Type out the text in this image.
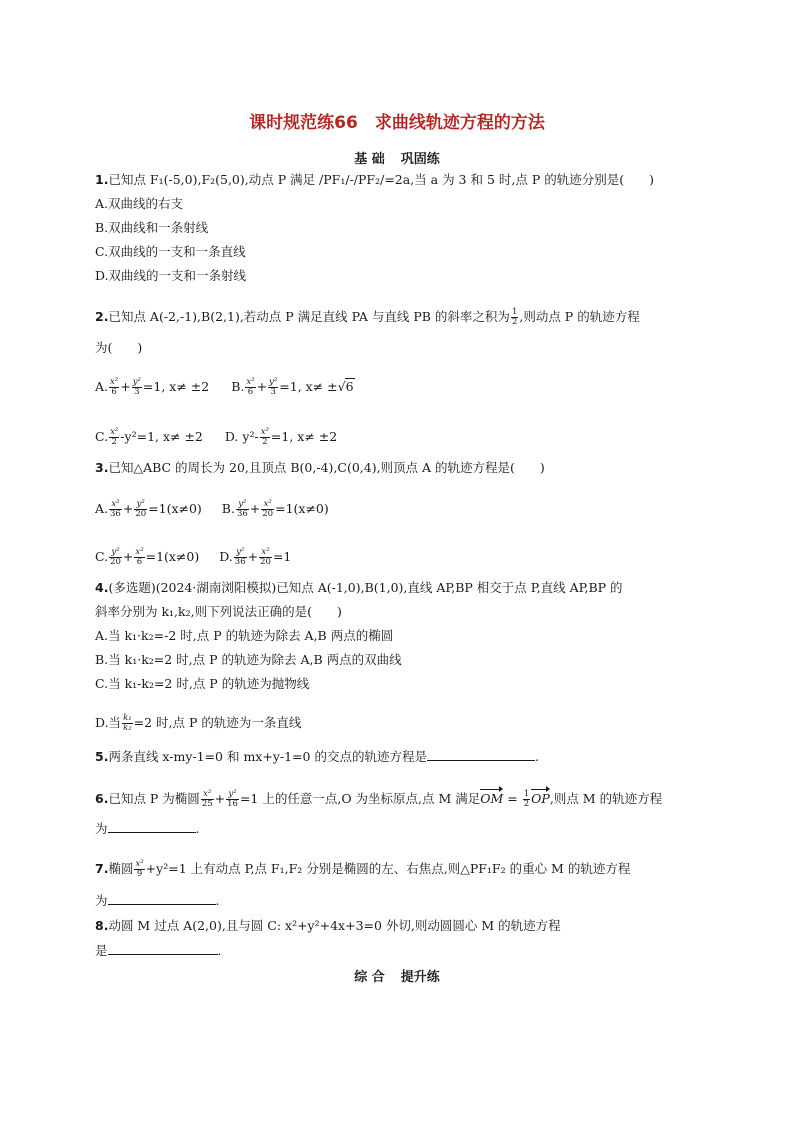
课时规范练66　求曲线轨迹方程的方法
基 础 巩固练
1.已知点 F₁(-5,0),F₂(5,0),动点 P 满足 /PF₁/-/PF₂/=2a,当 a 为 3 和 5 时,点 P 的轨迹分别是(　　)
A.双曲线的右支
B.双曲线和一条射线
C.双曲线的一支和一条直线
D.双曲线的一支和一条射线
2.已知点 A(-2,-1),B(2,1),若动点 P 满足直线 PA 与直线 PB 的斜率之积为 $\frac{1}{2}$ ,则动点 P 的轨迹方程
为(　　)
A. $\frac{\text{x²}}{6} + \frac{\text{y²}}{3} =1$, x≠ ±2 B. $\frac{\text{x²}}{6} + \frac{\text{y²}}{3} =1$, x≠ ±√6
C. $\frac{\text{x²}}{2} -y^2=1$, x≠ ±2 D. $y^2- \frac{\text{x²}}{2} =1$, x≠ ±2
3.已知△ABC 的周长为 20,且顶点 B(0,-4),C(0,4),则顶点 A 的轨迹方程是(　　)
A. $\frac{\text{x²}}{36} + \frac{\text{y²}}{20} =1(x\ne 0)$ B. $\frac{\text{y²}}{36} + \frac{\text{x²}}{20} =1(x\ne 0)$
C. $\frac{\text{y²}}{20} + \frac{\text{x²}}{6} =1(x\ne 0)$ D. $\frac{\text{y²}}{36} + \frac{\text{x²}}{20} =1$
4.(多选题)(2024·湖南浏阳模拟)已知点 A(-1,0),B(1,0),直线 AP,BP 相交于点 P,直线 AP,BP 的
斜率分别为 k₁,k₂,则下列说法正确的是(　　)
A.当 k₁·k₂=-2 时,点 P 的轨迹为除去 A,B 两点的椭圆
B.当 k₁·k₂=2 时,点 P 的轨迹为除去 A,B 两点的双曲线
C.当 k₁-k₂=2 时,点 P 的轨迹为抛物线
D.当 $\frac{\text{k₁}}{\text{k₂}} =2$ 时,点 P 的轨迹为一条直线
5.两条直线 x-my-1=0 和 mx+y-1=0 的交点的轨迹方程是	.
6.已知点 P 为椭圆 $\frac{\text{x²}}{25} + \frac{\text{y²}}{16} =1$ 上的任意一点,O 为坐标原点,点 M 满足OM = $\frac{1}{2}$ OP,则点 M 的轨迹方程
为	.
7.椭圆 $\frac{\text{x²}}{9} +y^2=1$ 上有动点 P,点 F₁,F₂ 分别是椭圆的左、右焦点,则△PF₁F₂ 的重心 M 的轨迹方程
为	.
8.动圆 M 过点 A(2,0),且与圆 C: x²+y²+4x+3=0 外切,则动圆圆心 M 的轨迹方程
是	.
综 合 提升练
